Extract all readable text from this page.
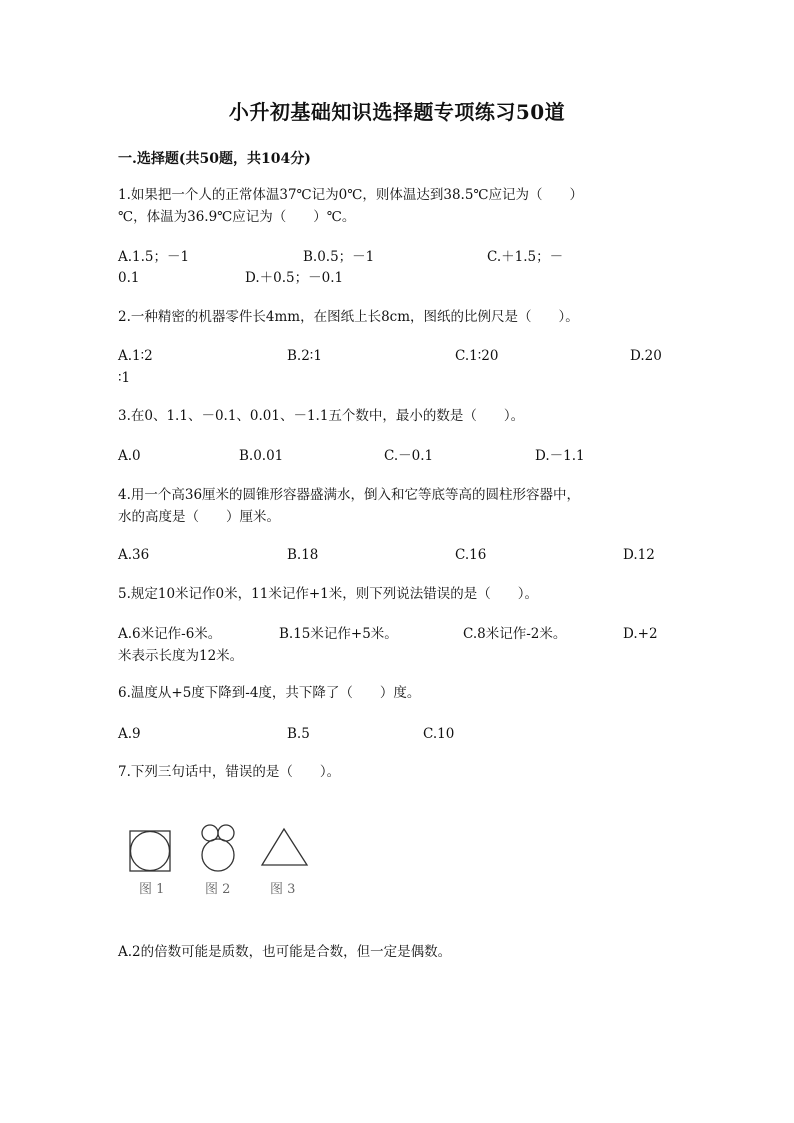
小升初基础知识选择题专项练习50道
一.选择题(共50题，共104分)
1.如果把一个人的正常体温37℃记为0℃，则体温达到38.5℃应记为（　　）
℃，体温为36.9℃应记为（　　）℃。
A.1.5；－1	B.0.5；－1	C.＋1.5；－
0.1	D.＋0.5；－0.1
2.一种精密的机器零件长4mm，在图纸上长8cm，图纸的比例尺是（　　）。
A.1∶2	B.2∶1	C.1∶20	D.20
∶1
3.在0、1.1、－0.1、0.01、－1.1五个数中，最小的数是（　　）。
A.0	B.0.01	C.－0.1	D.－1.1
4.用一个高36厘米的圆锥形容器盛满水，倒入和它等底等高的圆柱形容器中，
水的高度是（　　）厘米。
A.36	B.18	C.16	D.12
5.规定10米记作0米，11米记作+1米，则下列说法错误的是（　　）。
A.6米记作-6米。	B.15米记作+5米。	C.8米记作-2米。	D.+2
米表示长度为12米。
6.温度从+5度下降到-4度，共下降了（　　）度。
A.9	B.5	C.10
7.下列三句话中，错误的是（　　）。
图 1	图 2	图 3
A.2的倍数可能是质数，也可能是合数，但一定是偶数。
